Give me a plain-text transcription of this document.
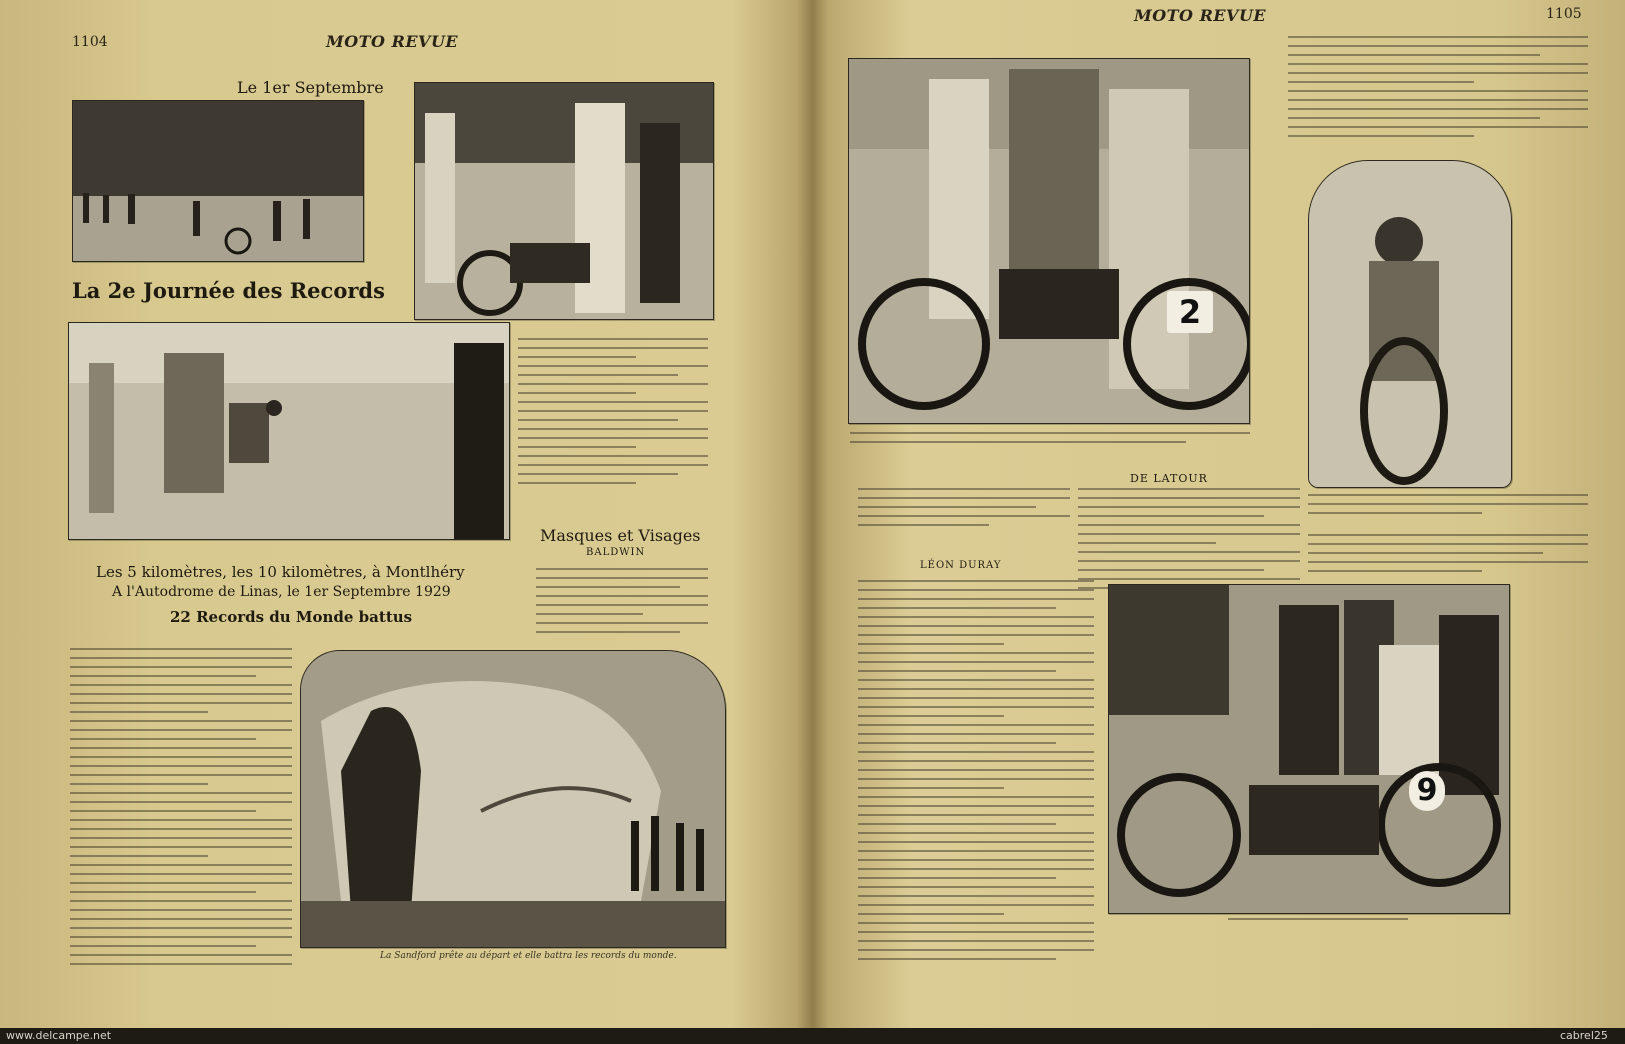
1104	MOTO REVUE
Le 1er Septembre
La 2e Journée des Records
Masques et Visages
BALDWIN
Les 5 kilomètres, les 10 kilomètres, à Montlhéry
A l'Autodrome de Linas, le 1er Septembre 1929
22 Records du Monde battus
La Sandford prête au départ et elle battra les records du monde.
MOTO REVUE	1105
2
DE LATOUR
LÉON DURAY
9
www.delcampe.net	cabrel25
